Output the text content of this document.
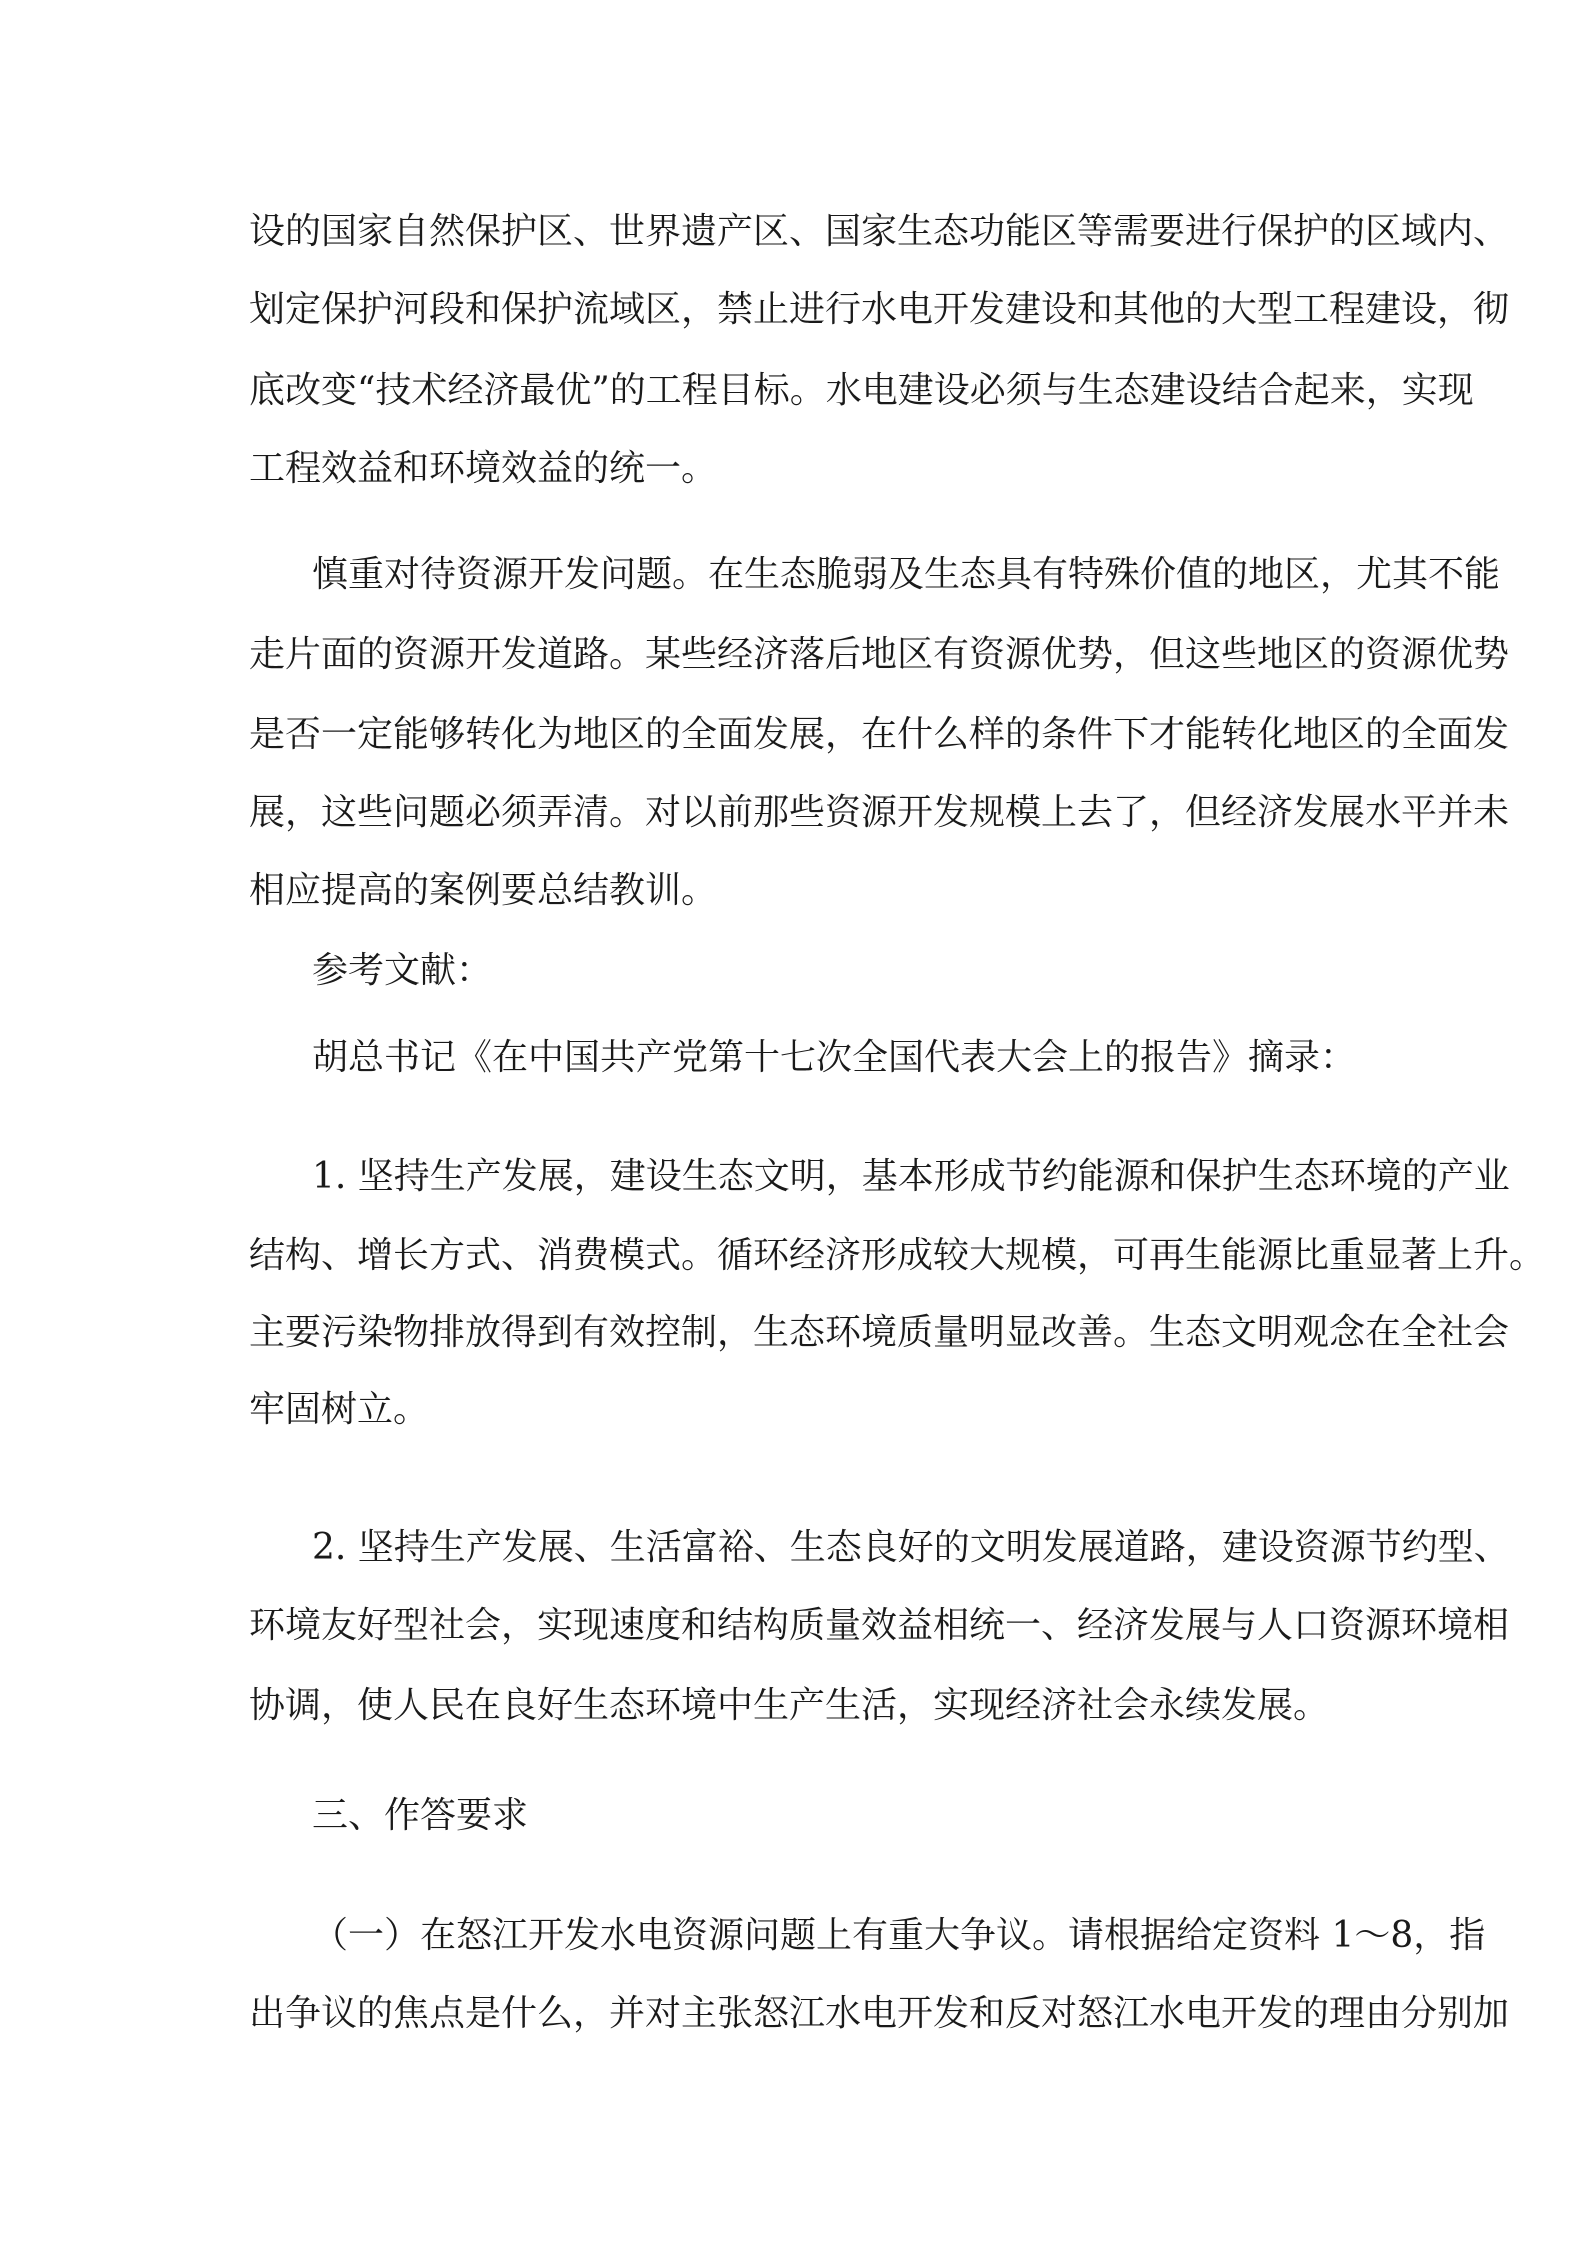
设的国家自然保护区、世界遗产区、国家生态功能区等需要进行保护的区域内、
划定保护河段和保护流域区，禁止进行水电开发建设和其他的大型工程建设，彻
底改变“技术经济最优”的工程目标。水电建设必须与生态建设结合起来，实现
工程效益和环境效益的统一。
慎重对待资源开发问题。在生态脆弱及生态具有特殊价值的地区，尤其不能
走片面的资源开发道路。某些经济落后地区有资源优势，但这些地区的资源优势
是否一定能够转化为地区的全面发展，在什么样的条件下才能转化地区的全面发
展，这些问题必须弄清。对以前那些资源开发规模上去了，但经济发展水平并未
相应提高的案例要总结教训。
参考文献：
胡总书记《在中国共产党第十七次全国代表大会上的报告》摘录：
1. 坚持生产发展，建设生态文明，基本形成节约能源和保护生态环境的产业
结构、增长方式、消费模式。循环经济形成较大规模，可再生能源比重显著上升。
主要污染物排放得到有效控制，生态环境质量明显改善。生态文明观念在全社会
牢固树立。
2. 坚持生产发展、生活富裕、生态良好的文明发展道路，建设资源节约型、
环境友好型社会，实现速度和结构质量效益相统一、经济发展与人口资源环境相
协调，使人民在良好生态环境中生产生活，实现经济社会永续发展。
三、作答要求
（一）在怒江开发水电资源问题上有重大争议。请根据给定资料 1～8，指
出争议的焦点是什么，并对主张怒江水电开发和反对怒江水电开发的理由分别加
